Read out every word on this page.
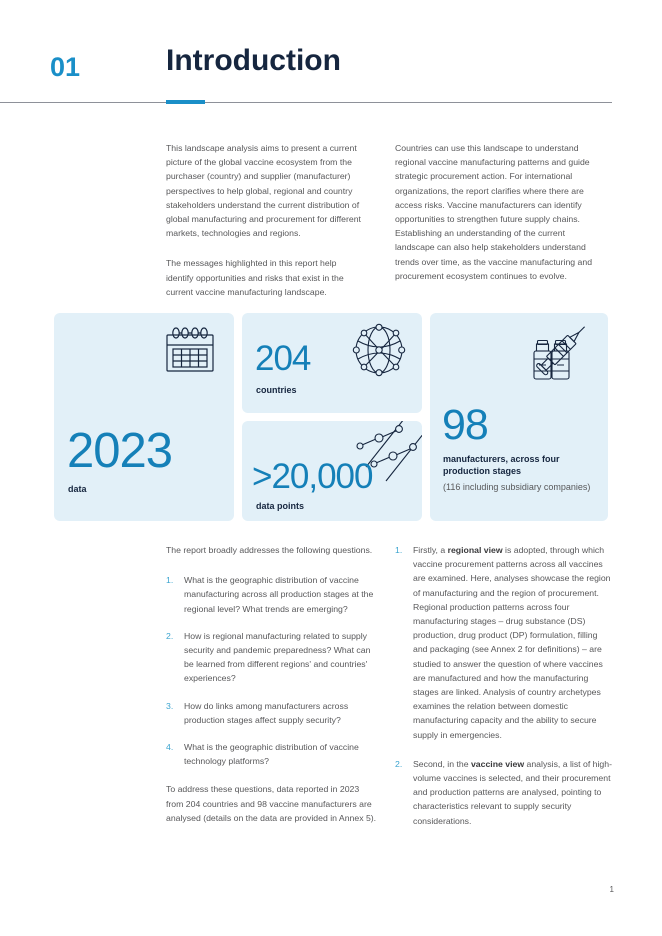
01	Introduction

This landscape analysis aims to present a current picture of the global vaccine ecosystem from the purchaser (country) and supplier (manufacturer) perspectives to help global, regional and country stakeholders understand the current distribution of global manufacturing and procurement for different markets, technologies and regions.

The messages highlighted in this report help identify opportunities and risks that exist in the current vaccine manufacturing landscape.

Countries can use this landscape to understand regional vaccine manufacturing patterns and guide strategic procurement action. For international organizations, the report clarifies where there are access risks. Vaccine manufacturers can identify opportunities to strengthen future supply chains. Establishing an understanding of the current landscape can also help stakeholders understand trends over time, as the vaccine manufacturing and procurement ecosystem continues to evolve.

2023
data
204
countries
>20,000
data points
98
manufacturers, across four production stages
(116 including subsidiary companies)

The report broadly addresses the following questions.

1. What is the geographic distribution of vaccine manufacturing across all production stages at the regional level? What trends are emerging?
2. How is regional manufacturing related to supply security and pandemic preparedness? What can be learned from different regions' and countries' experiences?
3. How do links among manufacturers across production stages affect supply security?
4. What is the geographic distribution of vaccine technology platforms?

To address these questions, data reported in 2023 from 204 countries and 98 vaccine manufacturers are analysed (details on the data are provided in Annex 5).

1. Firstly, a regional view is adopted, through which vaccine procurement patterns across all vaccines are examined. Here, analyses showcase the region of manufacturing and the region of procurement. Regional production patterns across four manufacturing stages – drug substance (DS) production, drug product (DP) formulation, filling and packaging (see Annex 2 for definitions) – are studied to answer the question of where vaccines are manufactured and how the manufacturing stages are linked. Analysis of country archetypes examines the relation between domestic manufacturing capacity and the ability to secure supply in emergencies.
2. Second, in the vaccine view analysis, a list of high-volume vaccines is selected, and their procurement and production patterns are analysed, pointing to characteristics relevant to supply security considerations.
1
